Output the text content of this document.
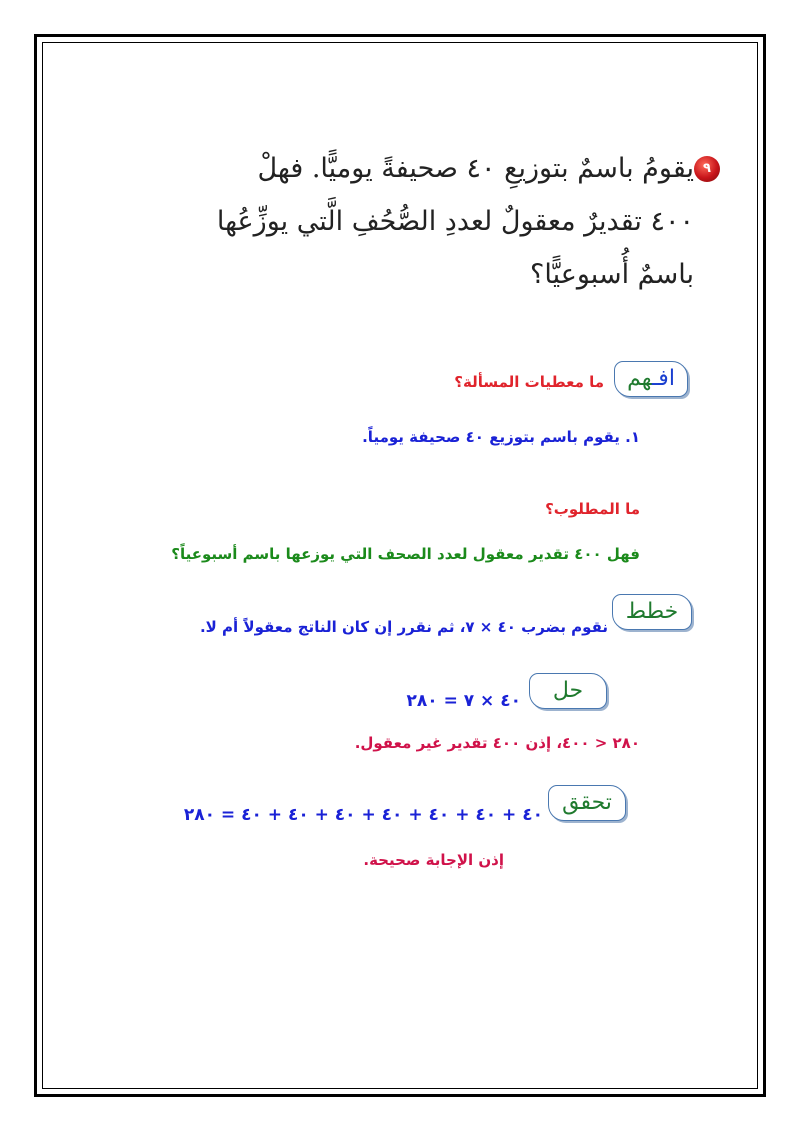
٩
يقومُ باسمٌ بتوزيعِ ٤٠ صحيفةً يوميًّا. فهلْ
٤٠٠ تقديرٌ معقولٌ لعددِ الصُّحُفِ الَّتي يوزِّعُها
باسمٌ أُسبوعيًّا؟
افـهم
ما معطيات المسألة؟
١. يقوم باسم بتوزيع ٤٠ صحيفة يومياً.
ما المطلوب؟
فهل ٤٠٠ تقدير معقول لعدد الصحف التي يوزعها باسم أسبوعياً؟
خطط
نقوم بضرب ٤٠ × ٧، ثم نقرر إن كان الناتج معقولاً أم لا.
حل
٤٠ × ٧ = ٢٨٠
٢٨٠ < ٤٠٠، إذن ٤٠٠ تقدير غير معقول.
تحقق
٤٠ + ٤٠ + ٤٠ + ٤٠ + ٤٠ + ٤٠ + ٤٠ = ٢٨٠
إذن الإجابة صحيحة.
